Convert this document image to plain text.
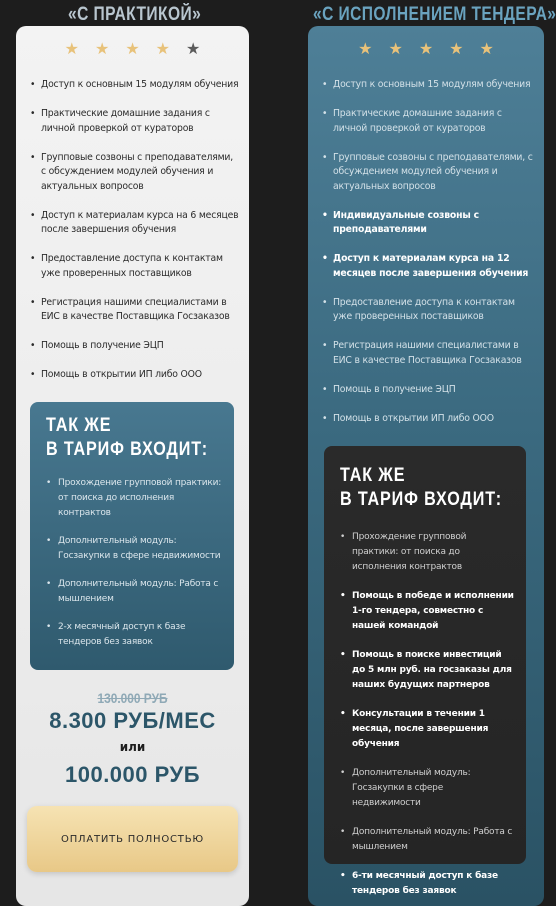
«С ПРАКТИКОЙ»
★ ★ ★ ★ ★
• Доступ к основным 15 модулям обучения
• Практические домашние задания с личной проверкой от кураторов
• Групповые созвоны с преподавателями, с обсуждением модулей обучения и актуальных вопросов
• Доступ к материалам курса на 6 месяцев после завершения обучения
• Предоставление доступа к контактам уже проверенных поставщиков
• Регистрация нашими специалистами в ЕИС в качестве Поставщика Госзаказов
• Помощь в получение ЭЦП
• Помощь в открытии ИП либо ООО
ТАК ЖЕ
В ТАРИФ ВХОДИТ:
• Прохождение групповой практики: от поиска до исполнения контрактов
• Дополнительный модуль: Госзакупки в сфере недвижимости
• Дополнительный модуль: Работа с мышлением
• 2-х месячный доступ к базе тендеров без заявок
130.000 РУБ
8.300 РУБ/МЕС
или
100.000 РУБ
ОПЛАТИТЬ ПОЛНОСТЬЮ
«С ИСПОЛНЕНИЕМ ТЕНДЕРА»
★ ★ ★ ★ ★
• Доступ к основным 15 модулям обучения
• Практические домашние задания с личной проверкой от кураторов
• Групповые созвоны с преподавателями, с обсуждением модулей обучения и актуальных вопросов
• Индивидуальные созвоны с преподавателями
• Доступ к материалам курса на 12 месяцев после завершения обучения
• Предоставление доступа к контактам уже проверенных поставщиков
• Регистрация нашими специалистами в ЕИС в качестве Поставщика Госзаказов
• Помощь в получение ЭЦП
• Помощь в открытии ИП либо ООО
ТАК ЖЕ
В ТАРИФ ВХОДИТ:
• Прохождение групповой практики: от поиска до исполнения контрактов
• Помощь в победе и исполнении 1-го тендера, совместно с нашей командой
• Помощь в поиске инвестиций до 5 млн руб. на госзаказы для наших будущих партнеров
• Консультации в течении 1 месяца, после завершения обучения
• Дополнительный модуль: Госзакупки в сфере недвижимости
• Дополнительный модуль: Работа с мышлением
• 6-ти месячный доступ к базе тендеров без заявок
